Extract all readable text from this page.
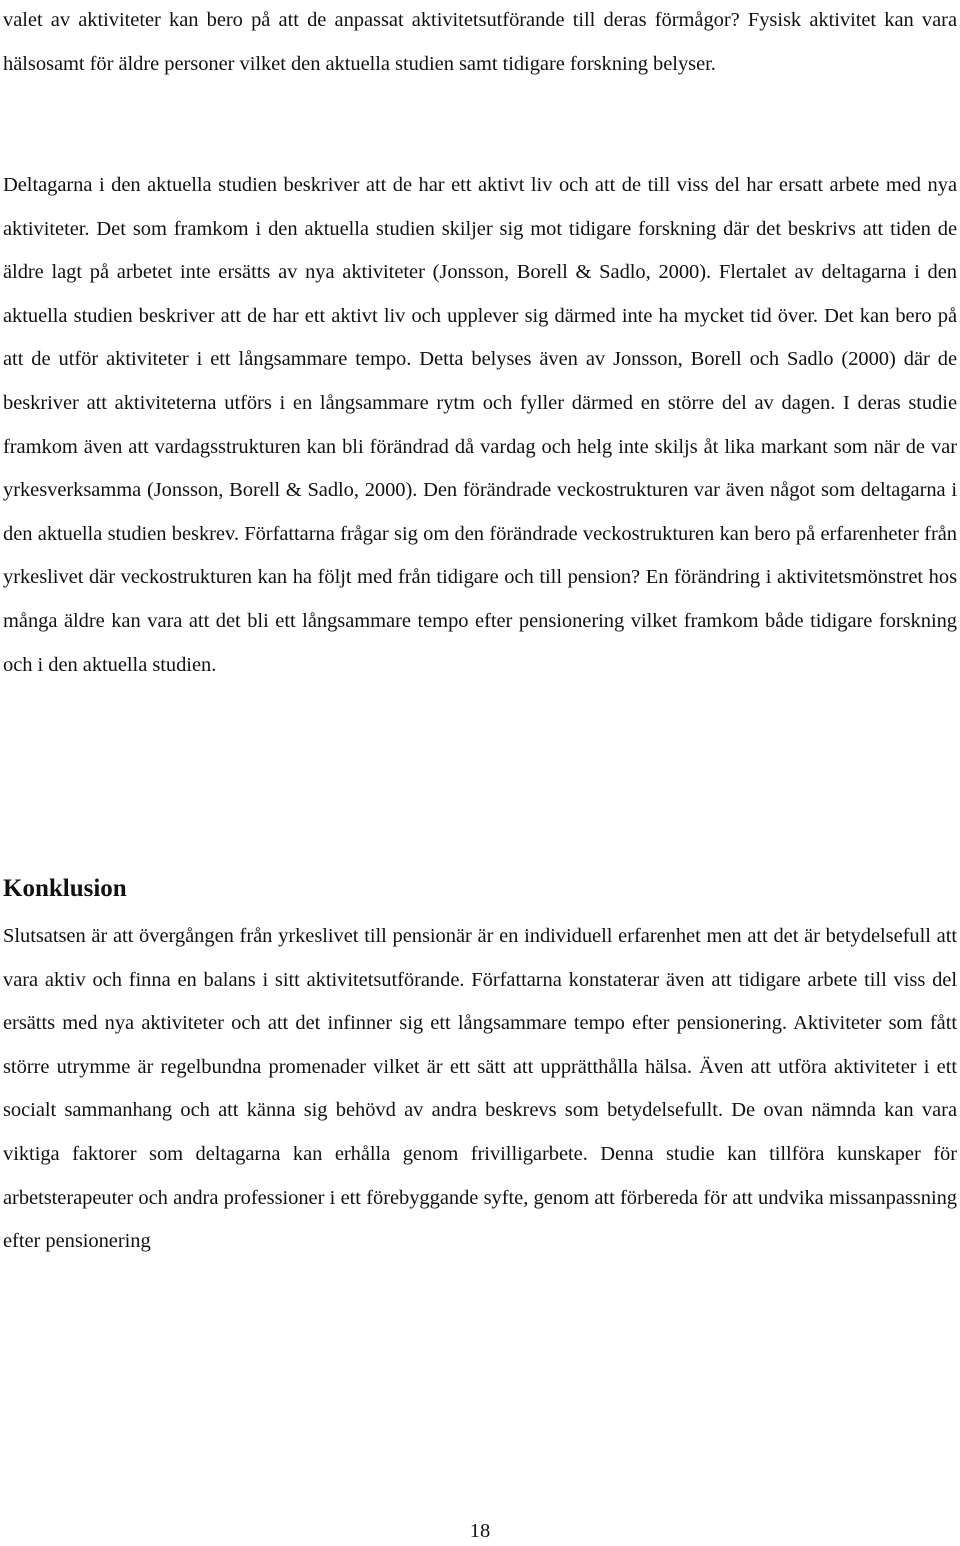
valet av aktiviteter kan bero på att de anpassat aktivitetsutförande till deras förmågor? Fysisk aktivitet kan vara hälsosamt för äldre personer vilket den aktuella studien samt tidigare forskning belyser.

Deltagarna i den aktuella studien beskriver att de har ett aktivt liv och att de till viss del har ersatt arbete med nya aktiviteter. Det som framkom i den aktuella studien skiljer sig mot tidigare forskning där det beskrivs att tiden de äldre lagt på arbetet inte ersätts av nya aktiviteter (Jonsson, Borell & Sadlo, 2000). Flertalet av deltagarna i den aktuella studien beskriver att de har ett aktivt liv och upplever sig därmed inte ha mycket tid över. Det kan bero på att de utför aktiviteter i ett långsammare tempo. Detta belyses även av Jonsson, Borell och Sadlo (2000) där de beskriver att aktiviteterna utförs i en långsammare rytm och fyller därmed en större del av dagen. I deras studie framkom även att vardagsstrukturen kan bli förändrad då vardag och helg inte skiljs åt lika markant som när de var yrkesverksamma (Jonsson, Borell & Sadlo, 2000). Den förändrade veckostrukturen var även något som deltagarna i den aktuella studien beskrev. Författarna frågar sig om den förändrade veckostrukturen kan bero på erfarenheter från yrkeslivet där veckostrukturen kan ha följt med från tidigare och till pension? En förändring i aktivitetsmönstret hos många äldre kan vara att det bli ett långsammare tempo efter pensionering vilket framkom både tidigare forskning och i den aktuella studien.

Konklusion

Slutsatsen är att övergången från yrkeslivet till pensionär är en individuell erfarenhet men att det är betydelsefull att vara aktiv och finna en balans i sitt aktivitetsutförande. Författarna konstaterar även att tidigare arbete till viss del ersätts med nya aktiviteter och att det infinner sig ett långsammare tempo efter pensionering. Aktiviteter som fått större utrymme är regelbundna promenader vilket är ett sätt att upprätthålla hälsa. Även att utföra aktiviteter i ett socialt sammanhang och att känna sig behövd av andra beskrevs som betydelsefullt. De ovan nämnda kan vara viktiga faktorer som deltagarna kan erhålla genom frivilligarbete. Denna studie kan tillföra kunskaper för arbetsterapeuter och andra professioner i ett förebyggande syfte, genom att förbereda för att undvika missanpassning efter pensionering

18
